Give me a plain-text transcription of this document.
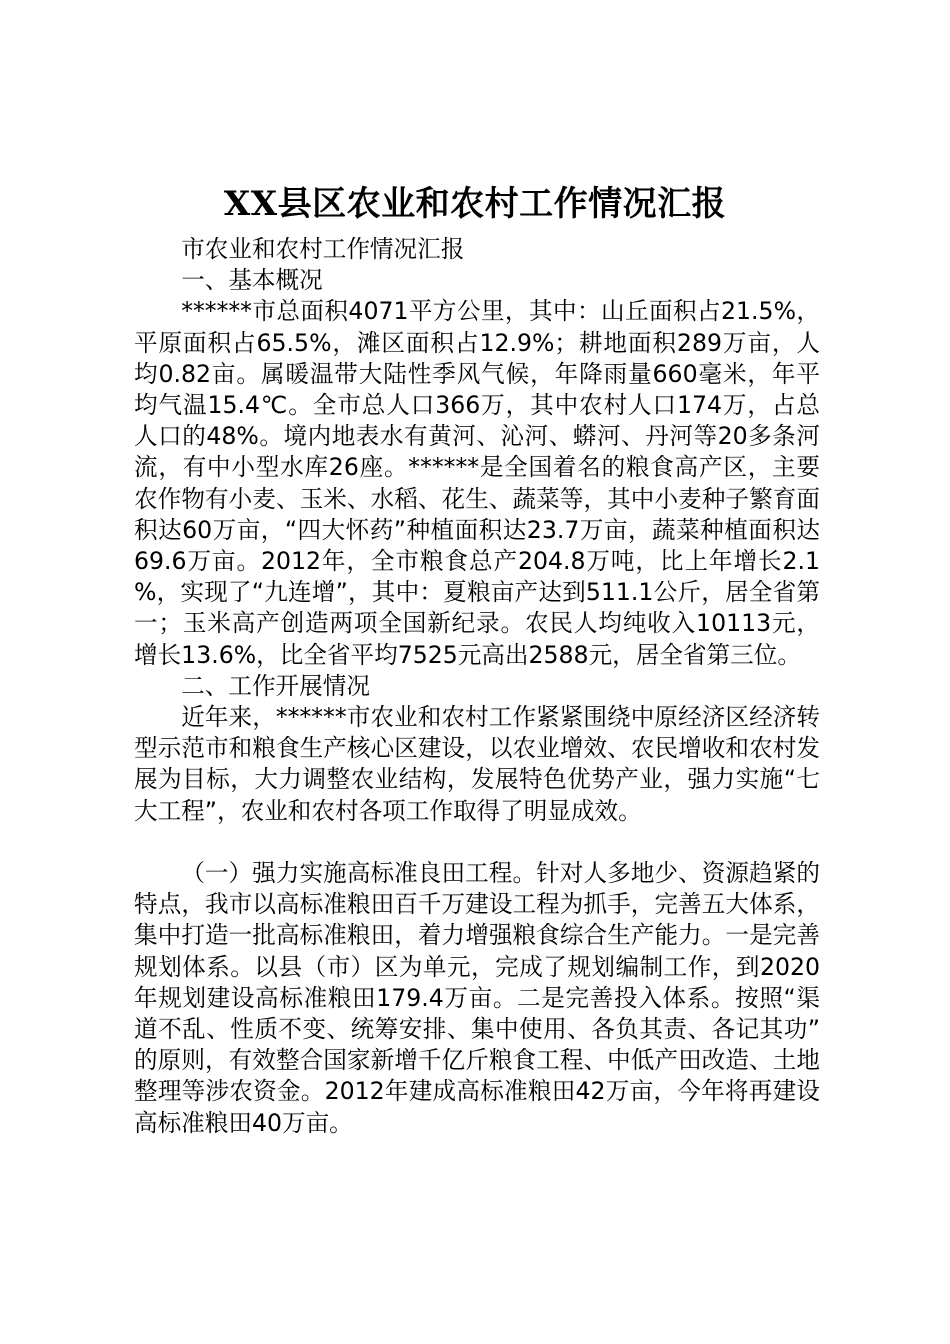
XX县区农业和农村工作情况汇报

市农业和农村工作情况汇报

一、基本概况

******市总面积4071平方公里，其中：山丘面积占21.5%，平原面积占65.5%，滩区面积占12.9%；耕地面积289万亩，人均0.82亩。属暖温带大陆性季风气候，年降雨量660毫米，年平均气温15.4℃。全市总人口366万，其中农村人口174万，占总人口的48%。境内地表水有黄河、沁河、蟒河、丹河等20多条河流，有中小型水库26座。******是全国着名的粮食高产区，主要农作物有小麦、玉米、水稻、花生、蔬菜等，其中小麦种子繁育面积达60万亩，“四大怀药”种植面积达23.7万亩，蔬菜种植面积达69.6万亩。2012年，全市粮食总产204.8万吨，比上年增长2.1%，实现了“九连增”，其中：夏粮亩产达到511.1公斤，居全省第一；玉米高产创造两项全国新纪录。农民人均纯收入10113元，增长13.6%，比全省平均7525元高出2588元，居全省第三位。

二、工作开展情况

近年来，******市农业和农村工作紧紧围绕中原经济区经济转型示范市和粮食生产核心区建设，以农业增效、农民增收和农村发展为目标，大力调整农业结构，发展特色优势产业，强力实施“七大工程”，农业和农村各项工作取得了明显成效。

（一）强力实施高标准良田工程。针对人多地少、资源趋紧的特点，我市以高标准粮田百千万建设工程为抓手，完善五大体系，集中打造一批高标准粮田，着力增强粮食综合生产能力。一是完善规划体系。以县（市）区为单元，完成了规划编制工作，到2020年规划建设高标准粮田179.4万亩。二是完善投入体系。按照“渠道不乱、性质不变、统筹安排、集中使用、各负其责、各记其功”的原则，有效整合国家新增千亿斤粮食工程、中低产田改造、土地整理等涉农资金。2012年建成高标准粮田42万亩，今年将再建设高标准粮田40万亩。
